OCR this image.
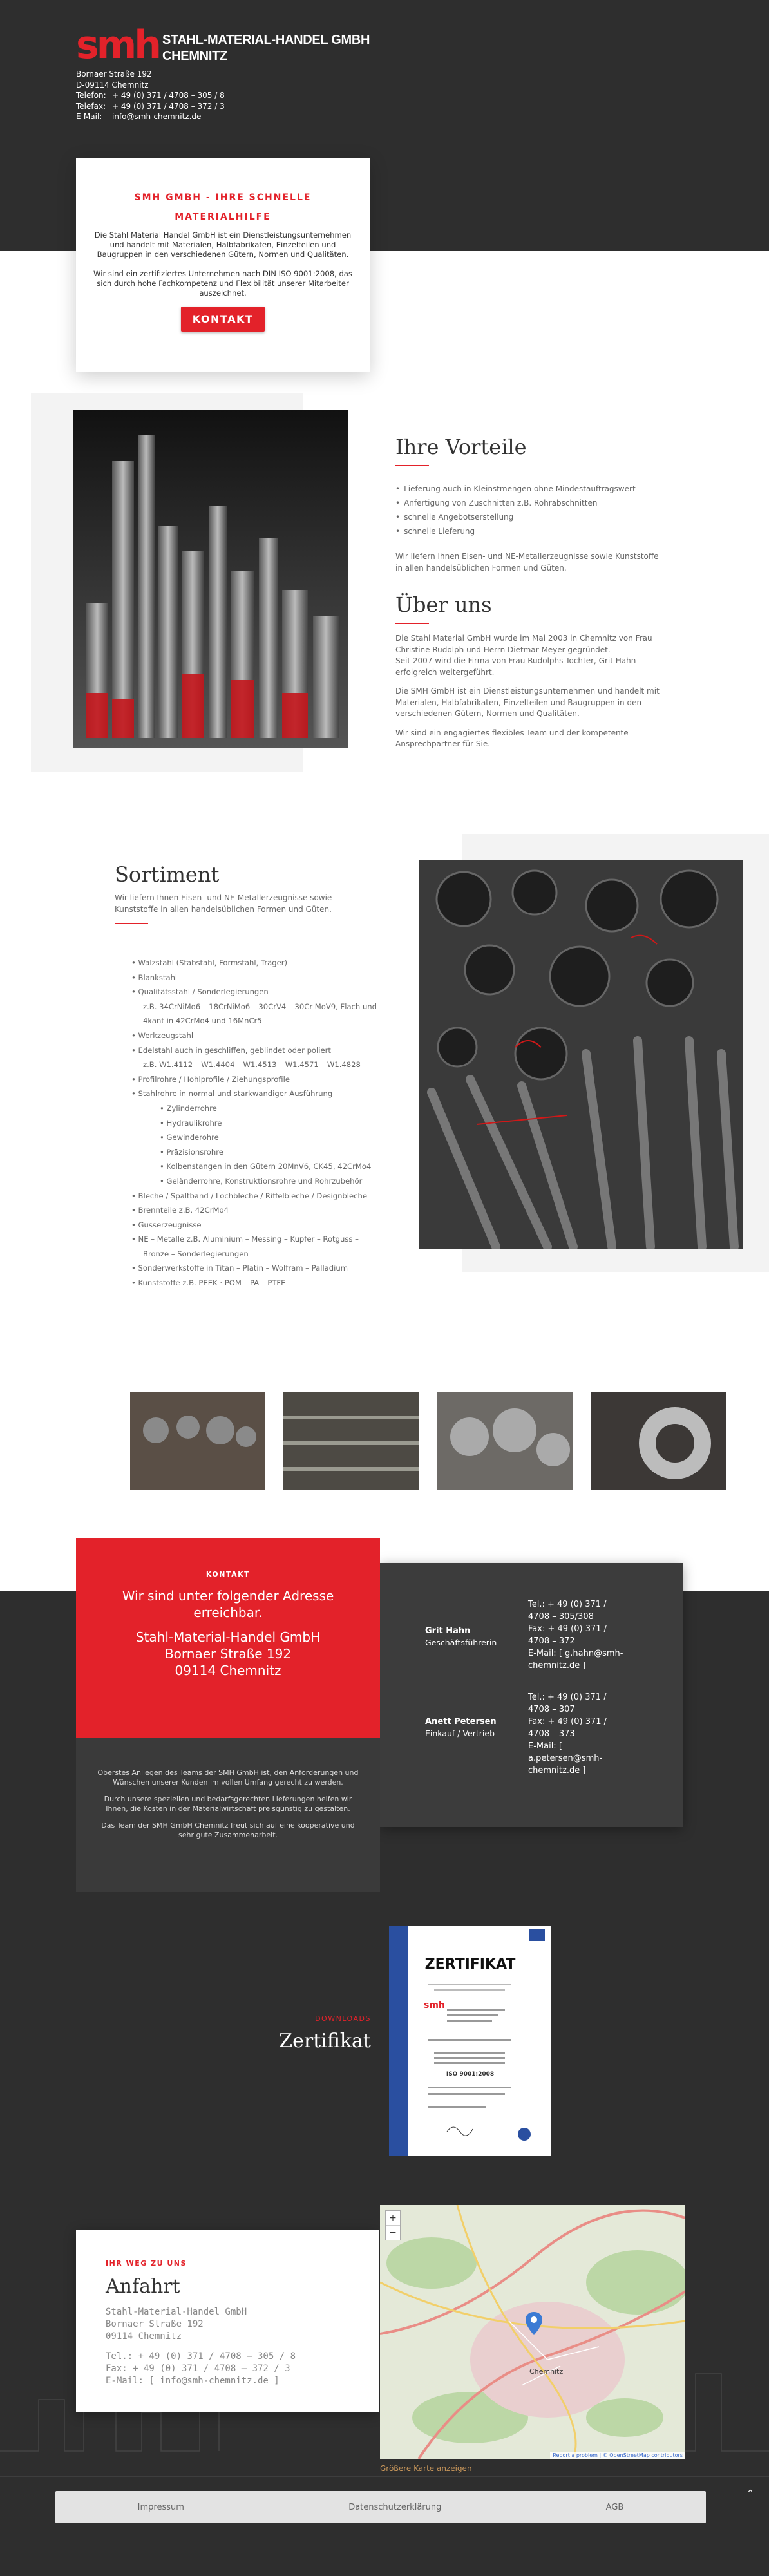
smh STAHL-MATERIAL-HANDEL GMBH
CHEMNITZ
Bornaer Straße 192
D-09114 Chemnitz
Telefon: + 49 (0) 371 / 4708 – 305 / 8
Telefax: + 49 (0) 371 / 4708 – 372 / 3
E-Mail:	info@smh-chemnitz.de
SMH GMBH - IHRE SCHNELLE
MATERIALHILFE

Die Stahl Material Handel GmbH ist ein Dienstleistungsunternehmen und handelt mit Materialen, Halbfabrikaten, Einzelteilen und Baugruppen in den verschiedenen Gütern, Normen und Qualitäten.

Wir sind ein zertifiziertes Unternehmen nach DIN ISO 9001:2008, das sich durch hohe Fachkompetenz und Flexibilität unserer Mitarbeiter auszeichnet.

KONTAKT
Ihre Vorteile
• Lieferung auch in Kleinstmengen ohne Mindestauftragswert
• Anfertigung von Zuschnitten z.B. Rohrabschnitten
• schnelle Angebotserstellung
• schnelle Lieferung

Wir liefern Ihnen Eisen- und NE-Metallerzeugnisse sowie Kunststoffe in allen handelsüblichen Formen und Güten.

Über uns

Die Stahl Material GmbH wurde im Mai 2003 in Chemnitz von Frau Christine Rudolph und Herrn Dietmar Meyer gegründet.

Seit 2007 wird die Firma von Frau Rudolphs Tochter, Grit Hahn erfolgreich weitergeführt.

Die SMH GmbH ist ein Dienstleistungsunternehmen und handelt mit Materialen, Halbfabrikaten, Einzelteilen und Baugruppen in den verschiedenen Gütern, Normen und Qualitäten.

Wir sind ein engagiertes flexibles Team und der kompetente Ansprechpartner für Sie.

Sortiment

Wir liefern Ihnen Eisen- und NE-Metallerzeugnisse sowie Kunststoffe in allen handelsüblichen Formen und Güten.

• Walzstahl (Stabstahl, Formstahl, Träger)
• Blankstahl
• Qualitätsstahl / Sonderlegierungen
z.B. 34CrNiMo6 – 18CrNiMo6 – 30CrV4 – 30Cr MoV9, Flach und 4kant in 42CrMo4 und 16MnCr5
• Werkzeugstahl
• Edelstahl auch in geschliffen, geblindet oder poliert
z.B. W1.4112 – W1.4404 – W1.4513 – W1.4571 – W1.4828
• Profilrohre / Hohlprofile / Ziehungsprofile
• Stahlrohre in normal und starkwandiger Ausführung
• Zylinderrohre
• Hydraulikrohre
• Gewinderohre
• Präzisionsrohre
• Kolbenstangen in den Gütern 20MnV6, CK45, 42CrMo4
• Geländerrohre, Konstruktionsrohre und Rohrzubehör
• Bleche / Spaltband / Lochbleche / Riffelbleche / Designbleche
• Brennteile z.B. 42CrMo4
• Gusserzeugnisse
• NE – Metalle z.B. Aluminium – Messing – Kupfer – Rotguss –
Bronze – Sonderlegierungen
• Sonderwerkstoffe in Titan – Platin – Wolfram – Palladium
• Kunststoffe z.B. PEEK · POM – PA – PTFE
KONTAKT
Wir sind unter folgender Adresse
erreichbar.
Stahl-Material-Handel GmbH
Bornaer Straße 192
09114 Chemnitz

Oberstes Anliegen des Teams der SMH GmbH ist, den Anforderungen und Wünschen unserer Kunden im vollen Umfang gerecht zu werden.

Durch unsere speziellen und bedarfsgerechten Lieferungen helfen wir Ihnen, die Kosten in der Materialwirtschaft preisgünstig zu gestalten.

Das Team der SMH GmbH Chemnitz freut sich auf eine kooperative und sehr gute Zusammenarbeit.

Grit Hahn
Geschäftsführerin
Tel.: + 49 (0) 371 /
4708 – 305/308
Fax: + 49 (0) 371 /
4708 – 372
E-Mail: [ g.hahn@smh-
chemnitz.de ]
Anett Petersen
Einkauf / Vertrieb
Tel.: + 49 (0) 371 /
4708 – 307
Fax: + 49 (0) 371 /
4708 – 373
E-Mail: [
a.petersen@smh-
chemnitz.de ]
DOWNLOADS
Zertifikat
smh
ZERTIFIKAT
ISO 9001:2008
IHR WEG ZU UNS
Anfahrt
Stahl-Material-Handel GmbH
Bornaer Straße 192
09114 Chemnitz
Tel.: + 49 (0) 371 / 4708 – 305 / 8
Fax: + 49 (0) 371 / 4708 – 372 / 3
E-Mail: [ info@smh-chemnitz.de ]
Chemnitz
+
−
Report a problem | © OpenStreetMap contributors
Größere Karte anzeigen
Impressum	Datenschutzerklärung	AGB
⌃
